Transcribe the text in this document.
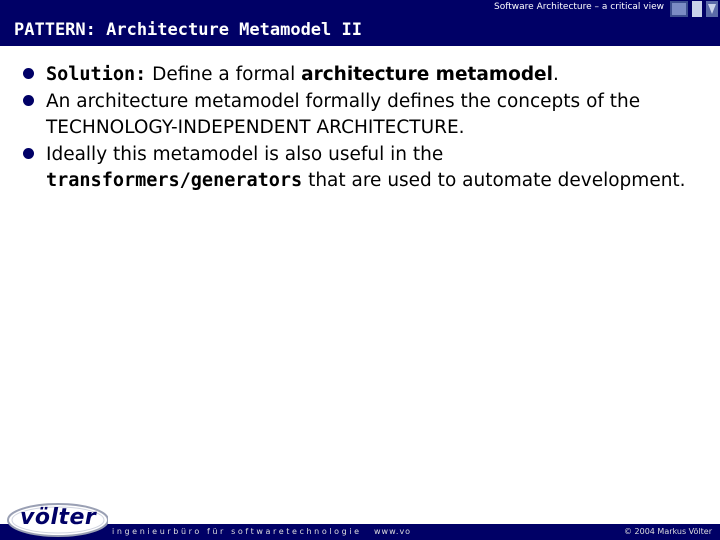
Software Architecture – a critical view
PATTERN: Architecture Metamodel II
Solution: Define a formal architecture metamodel.
An architecture metamodel formally defines the concepts of the TECHNOLOGY-INDEPENDENT ARCHITECTURE.
Ideally this metamodel is also useful in the transformers/generators that are used to automate development.
völter
ingenieurbüro für softwaretechnologie www.vo	© 2004 Markus Völter
